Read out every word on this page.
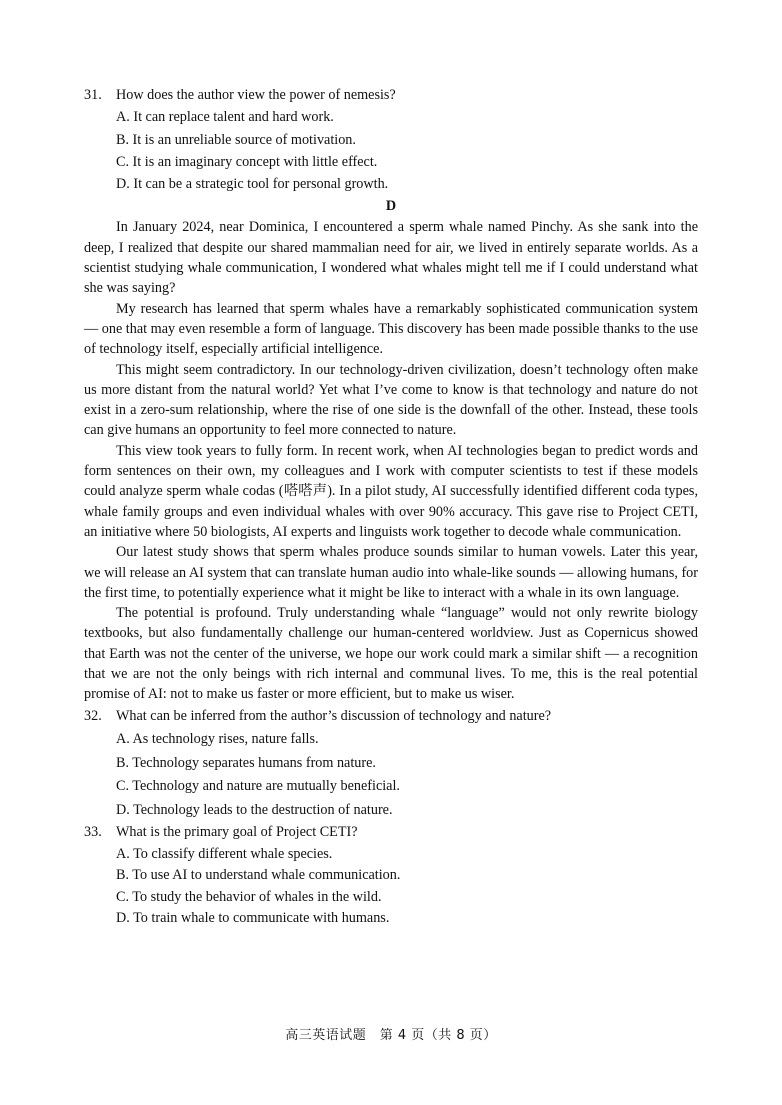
31.	How does the author view the power of nemesis?
A. It can replace talent and hard work.
B. It is an unreliable source of motivation.
C. It is an imaginary concept with little effect.
D. It can be a strategic tool for personal growth.
D

In January 2024, near Dominica, I encountered a sperm whale named Pinchy. As she sank into the deep, I realized that despite our shared mammalian need for air, we lived in entirely separate worlds. As a scientist studying whale communication, I wondered what whales might tell me if I could understand what she was saying?

My research has learned that sperm whales have a remarkably sophisticated communication system — one that may even resemble a form of language. This discovery has been made possible thanks to the use of technology itself, especially artificial intelligence.

This might seem contradictory. In our technology-driven civilization, doesn’t technology often make us more distant from the natural world? Yet what I’ve come to know is that technology and nature do not exist in a zero-sum relationship, where the rise of one side is the downfall of the other. Instead, these tools can give humans an opportunity to feel more connected to nature.

This view took years to fully form. In recent work, when AI technologies began to predict words and form sentences on their own, my colleagues and I work with computer scientists to test if these models could analyze sperm whale codas (嗒嗒声). In a pilot study, AI successfully identified different coda types, whale family groups and even individual whales with over 90% accuracy. This gave rise to Project CETI, an initiative where 50 biologists, AI experts and linguists work together to decode whale communication.

Our latest study shows that sperm whales produce sounds similar to human vowels. Later this year, we will release an AI system that can translate human audio into whale-like sounds — allowing humans, for the first time, to potentially experience what it might be like to interact with a whale in its own language.

The potential is profound. Truly understanding whale “language” would not only rewrite biology textbooks, but also fundamentally challenge our human-centered worldview. Just as Copernicus showed that Earth was not the center of the universe, we hope our work could mark a similar shift — a recognition that we are not the only beings with rich internal and communal lives. To me, this is the real potential promise of AI: not to make us faster or more efficient, but to make us wiser.

32.	What can be inferred from the author’s discussion of technology and nature?
A. As technology rises, nature falls.
B. Technology separates humans from nature.
C. Technology and nature are mutually beneficial.
D. Technology leads to the destruction of nature.
33.	What is the primary goal of Project CETI?
A. To classify different whale species.
B. To use AI to understand whale communication.
C. To study the behavior of whales in the wild.
D. To train whale to communicate with humans.
高三英语试题　第 4 页（共 8 页）
